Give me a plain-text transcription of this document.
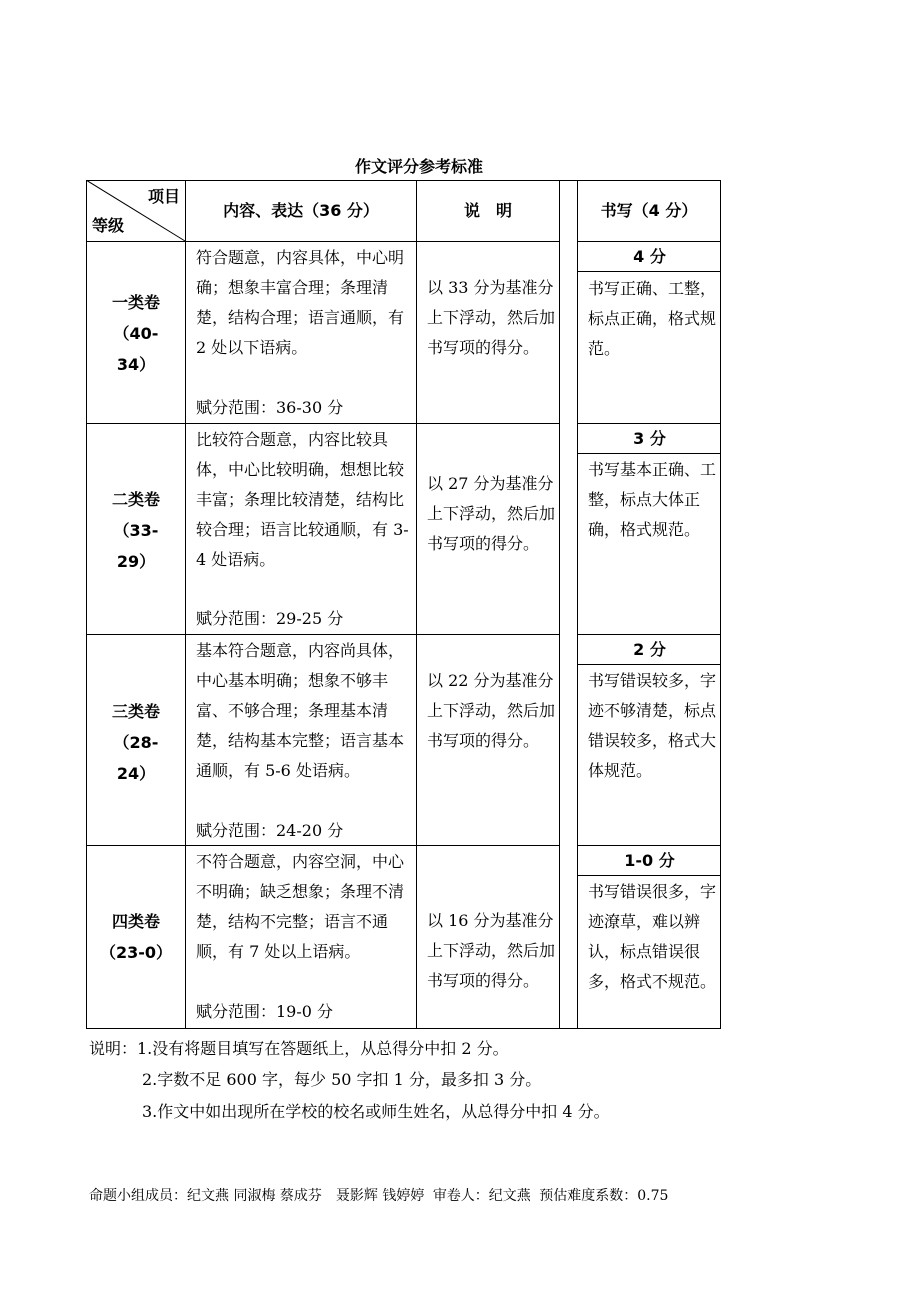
作文评分参考标准
项目
等级
内容、表达（36 分）	说　明	书写（4 分）
一类卷
（40-
34）
符合题意，内容具体，中心明确；想象丰富合理；条理清楚，结构合理；语言通顺，有 2 处以下语病。
赋分范围：36-30 分
以 33 分为基准分上下浮动，然后加书写项的得分。
4 分
书写正确、工整，标点正确，格式规范。
二类卷
（33-
29）
比较符合题意，内容比较具体，中心比较明确，想想比较丰富；条理比较清楚，结构比较合理；语言比较通顺，有 3-4 处语病。
赋分范围：29-25 分
以 27 分为基准分上下浮动，然后加书写项的得分。
3 分
书写基本正确、工整，标点大体正确，格式规范。
三类卷
（28-
24）
基本符合题意，内容尚具体，中心基本明确；想象不够丰富、不够合理；条理基本清楚，结构基本完整；语言基本通顺，有 5-6 处语病。
赋分范围：24-20 分
以 22 分为基准分上下浮动，然后加书写项的得分。
2 分
书写错误较多，字迹不够清楚，标点错误较多，格式大体规范。
四类卷
（23-0）
不符合题意，内容空洞，中心不明确；缺乏想象；条理不清楚，结构不完整；语言不通顺，有 7 处以上语病。
赋分范围：19-0 分
以 16 分为基准分上下浮动，然后加书写项的得分。
1-0 分
书写错误很多，字迹潦草，难以辨认，标点错误很多，格式不规范。
说明：1.没有将题目填写在答题纸上，从总得分中扣 2 分。
2.字数不足 600 字，每少 50 字扣 1 分，最多扣 3 分。
3.作文中如出现所在学校的校名或师生姓名，从总得分中扣 4 分。
命题小组成员：纪文燕 同淑梅 蔡成芬　聂影辉 钱婷婷 审卷人：纪文燕 预估难度系数：0.75
